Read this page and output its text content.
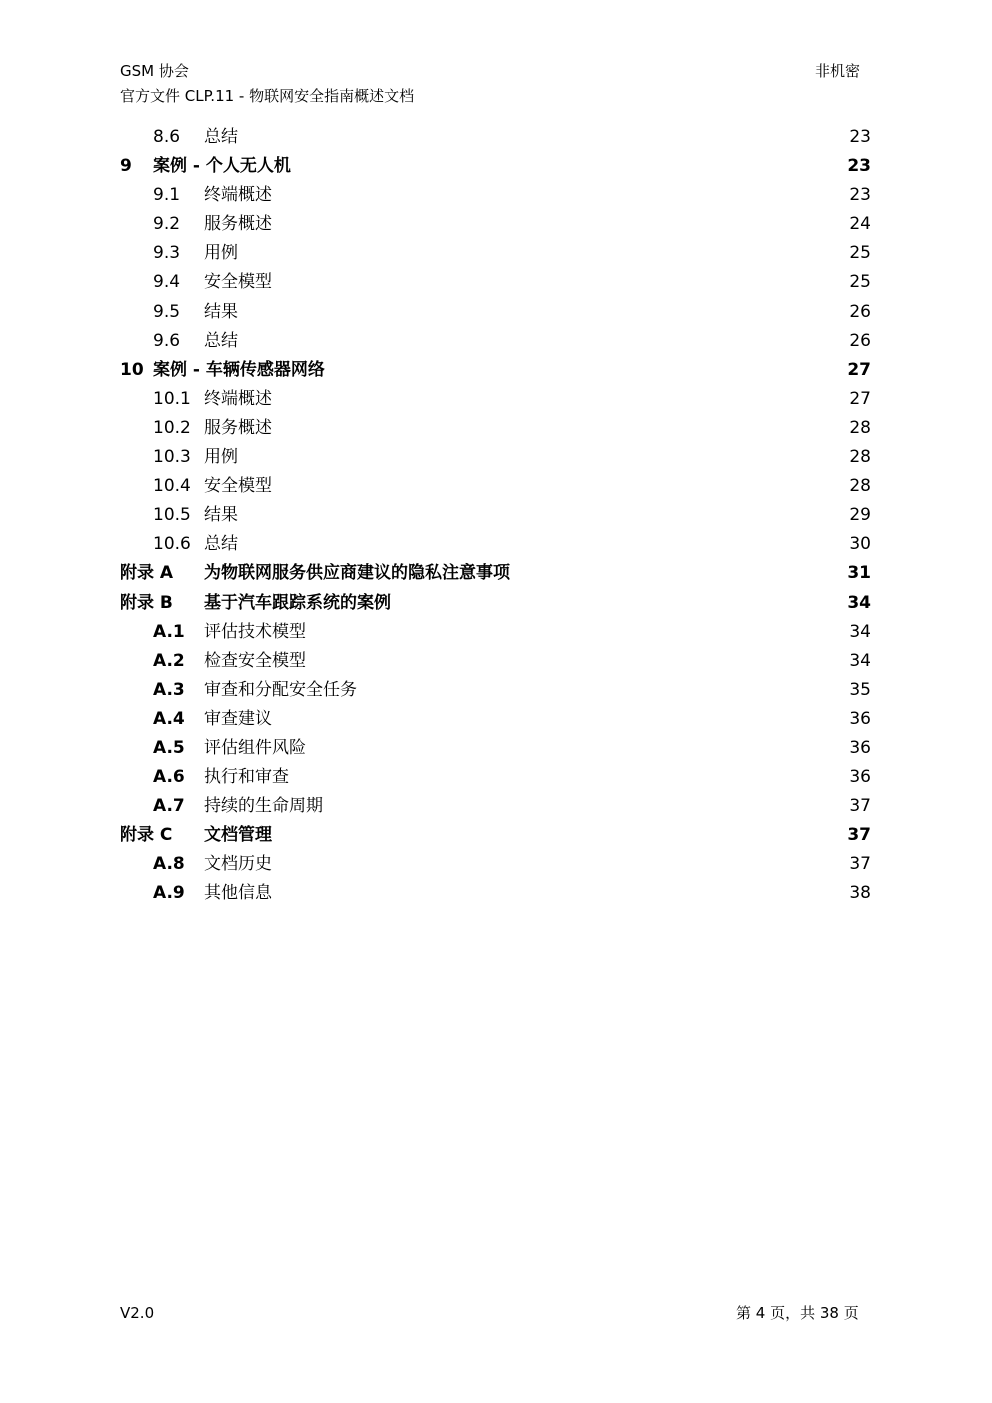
GSM 协会	非机密
官方文件 CLP.11 - 物联网安全指南概述文档
8.6 总结	23
9 案例 - 个人无人机	23
9.1 终端概述	23
9.2 服务概述	24
9.3 用例	25
9.4 安全模型	25
9.5 结果	26
9.6 总结	26
10 案例 - 车辆传感器网络	27
10.1 终端概述	27
10.2 服务概述	28
10.3 用例	28
10.4 安全模型	28
10.5 结果	29
10.6 总结	30
附录 A 为物联网服务供应商建议的隐私注意事项	31
附录 B 基于汽车跟踪系统的案例	34
A.1 评估技术模型	34
A.2 检查安全模型	34
A.3 审查和分配安全任务	35
A.4 审查建议	36
A.5 评估组件风险	36
A.6 执行和审查	36
A.7 持续的生命周期	37
附录 C 文档管理	37
A.8 文档历史	37
A.9 其他信息	38
V2.0	第 4 页，共 38 页
